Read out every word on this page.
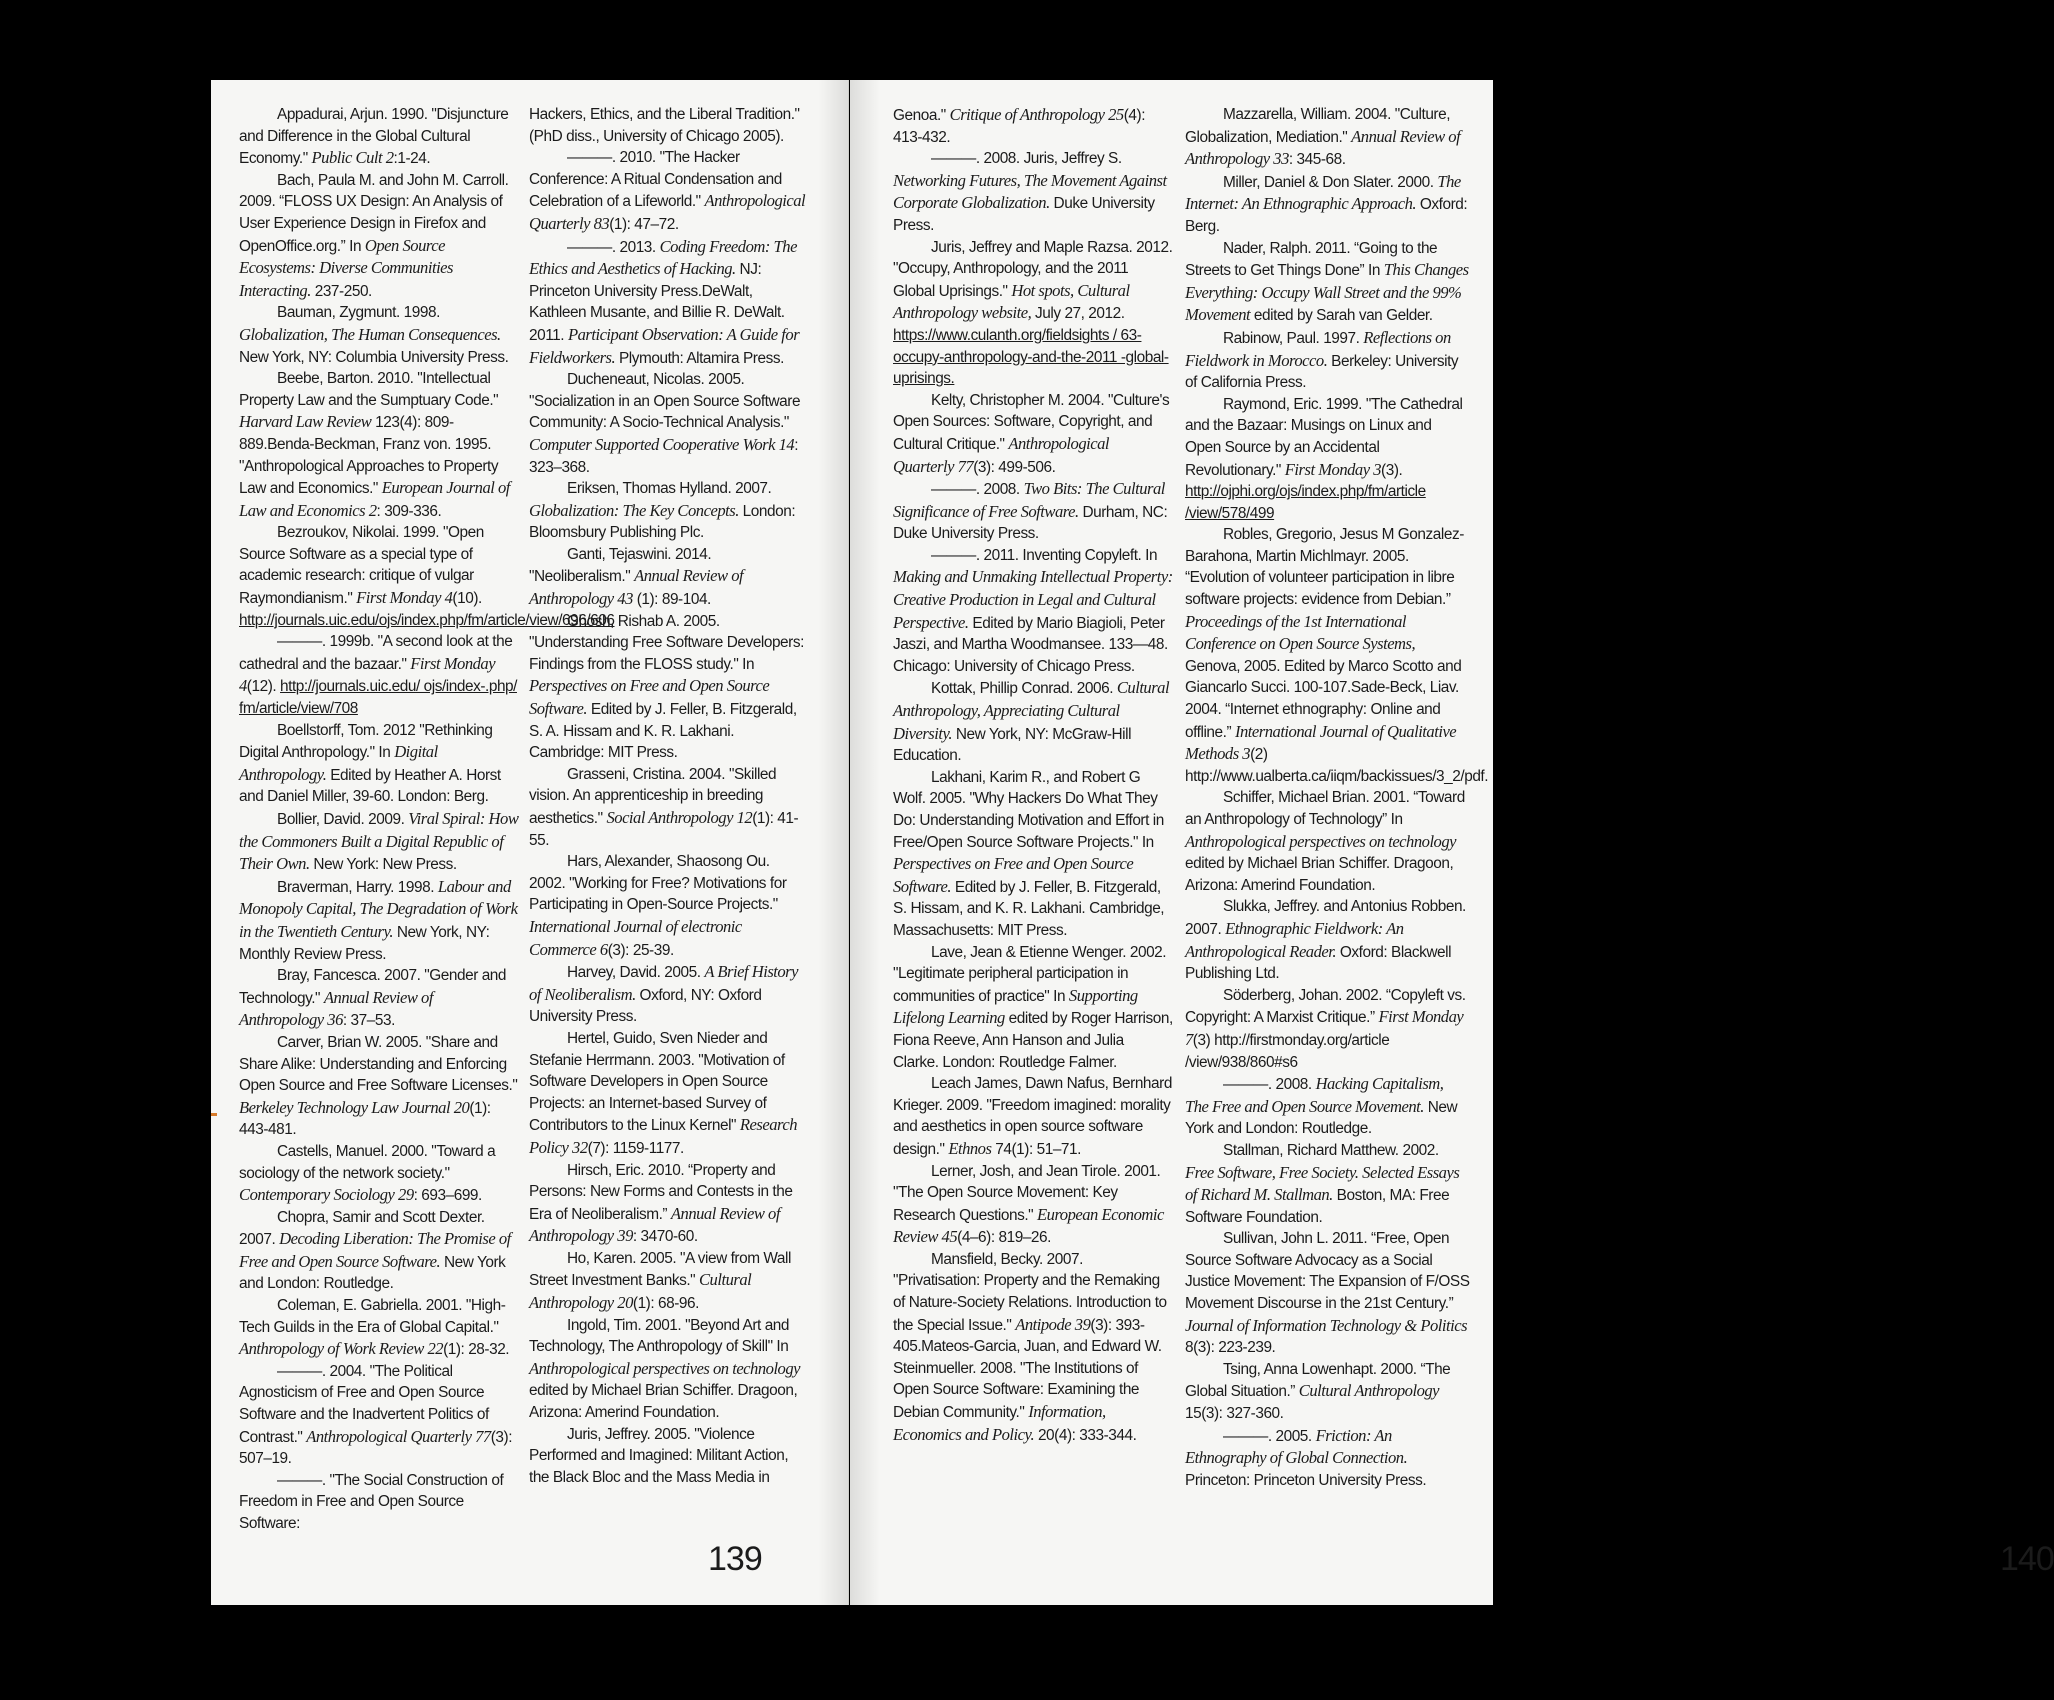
Appadurai, Arjun. 1990. "Disjuncture and Difference in the Global Cultural Economy." Public Cult 2:1-24.

Bach, Paula M. and John M. Carroll. 2009. “FLOSS UX Design: An Analysis of User Experience Design in Firefox and OpenOffice.org.” In Open Source Ecosystems: Diverse Communities Interacting. 237-250.

Bauman, Zygmunt. 1998. Globalization, The Human Consequences. New York, NY: Columbia University Press.

Beebe, Barton. 2010. "Intellectual Property Law and the Sumptuary Code." Harvard Law Review 123(4): 809-889.Benda-Beckman, Franz von. 1995. "Anthropological Approaches to Property Law and Economics." European Journal of Law and Economics 2: 309-336.

Bezroukov, Nikolai. 1999. "Open Source Software as a special type of academic research: critique of vulgar Raymondianism." First Monday 4(10). http://journals.uic.edu/ojs/index.php/fm/article/view/696/606

———. 1999b. "A second look at the cathedral and the bazaar." First Monday 4(12). http://journals.uic.edu/ ojs/index-.php/ fm/article/view/708

Boellstorff, Tom. 2012 "Rethinking Digital Anthropology." In Digital Anthropology. Edited by Heather A. Horst and Daniel Miller, 39-60. London: Berg.

Bollier, David. 2009. Viral Spiral: How the Commoners Built a Digital Republic of Their Own. New York: New Press.

Braverman, Harry. 1998. Labour and Monopoly Capital, The Degradation of Work in the Twentieth Century. New York, NY: Monthly Review Press.

Bray, Fancesca. 2007. "Gender and Technology." Annual Review of Anthropology 36: 37–53.

Carver, Brian W. 2005. "Share and Share Alike: Understanding and Enforcing Open Source and Free Software Licenses." Berkeley Technology Law Journal 20(1): 443-481.

Castells, Manuel. 2000. "Toward a sociology of the network society." Contemporary Sociology 29: 693–699.

Chopra, Samir and Scott Dexter. 2007. Decoding Liberation: The Promise of Free and Open Source Software. New York and London: Routledge.

Coleman, E. Gabriella. 2001. "High-Tech Guilds in the Era of Global Capital." Anthropology of Work Review 22(1): 28-32.

———. 2004. "The Political Agnosticism of Free and Open Source Software and the Inadvertent Politics of Contrast." Anthropological Quarterly 77(3): 507–19.

———. "The Social Construction of Freedom in Free and Open Source Software:

Hackers, Ethics, and the Liberal Tradition." (PhD diss., University of Chicago 2005).

———. 2010. "The Hacker Conference: A Ritual Condensation and Celebration of a Lifeworld." Anthropological Quarterly 83(1): 47–72.

———. 2013. Coding Freedom: The Ethics and Aesthetics of Hacking. NJ: Princeton University Press.DeWalt, Kathleen Musante, and Billie R. DeWalt. 2011. Participant Observation: A Guide for Fieldworkers. Plymouth: Altamira Press.

Ducheneaut, Nicolas. 2005. "Socialization in an Open Source Software Community: A Socio-Technical Analysis." Computer Supported Cooperative Work 14: 323–368.

Eriksen, Thomas Hylland. 2007. Globalization: The Key Concepts. London: Bloomsbury Publishing Plc.

Ganti, Tejaswini. 2014. "Neoliberalism." Annual Review of Anthropology 43 (1): 89-104.

Ghosh, Rishab A. 2005. "Understanding Free Software Developers: Findings from the FLOSS study." In Perspectives on Free and Open Source Software. Edited by J. Feller, B. Fitzgerald, S. A. Hissam and K. R. Lakhani. Cambridge: MIT Press.

Grasseni, Cristina. 2004. "Skilled vision. An apprenticeship in breeding aesthetics." Social Anthropology 12(1): 41-55.

Hars, Alexander, Shaosong Ou. 2002. "Working for Free? Motivations for Participating in Open-Source Projects." International Journal of electronic Commerce 6(3): 25-39.

Harvey, David. 2005. A Brief History of Neoliberalism. Oxford, NY: Oxford University Press.

Hertel, Guido, Sven Nieder and Stefanie Herrmann. 2003. "Motivation of Software Developers in Open Source Projects: an Internet-based Survey of Contributors to the Linux Kernel" Research Policy 32(7): 1159-1177.

Hirsch, Eric. 2010. “Property and Persons: New Forms and Contests in the Era of Neoliberalism.” Annual Review of Anthropology 39: 3470-60.

Ho, Karen. 2005. "A view from Wall Street Investment Banks." Cultural Anthropology 20(1): 68-96.

Ingold, Tim. 2001. "Beyond Art and Technology, The Anthropology of Skill" In Anthropological perspectives on technology edited by Michael Brian Schiffer. Dragoon, Arizona: Amerind Foundation.

Juris, Jeffrey. 2005. "Violence Performed and Imagined: Militant Action, the Black Bloc and the Mass Media in

139

Genoa." Critique of Anthropology 25(4): 413-432.

———. 2008. Juris, Jeffrey S. Networking Futures, The Movement Against Corporate Globalization. Duke University Press.

Juris, Jeffrey and Maple Razsa. 2012. "Occupy, Anthropology, and the 2011 Global Uprisings." Hot spots, Cultural Anthropology website, July 27, 2012. https://www.culanth.org/fieldsights / 63-occupy-anthropology-and-the-2011 -global-uprisings.

Kelty, Christopher M. 2004. "Culture's Open Sources: Software, Copyright, and Cultural Critique." Anthropological Quarterly 77(3): 499-506.

———. 2008. Two Bits: The Cultural Significance of Free Software. Durham, NC: Duke University Press.

———. 2011. Inventing Copyleft. In Making and Unmaking Intellectual Property: Creative Production in Legal and Cultural Perspective. Edited by Mario Biagioli, Peter Jaszi, and Martha Woodmansee. 133—48. Chicago: University of Chicago Press.

Kottak, Phillip Conrad. 2006. Cultural Anthropology, Appreciating Cultural Diversity. New York, NY: McGraw-Hill Education.

Lakhani, Karim R., and Robert G Wolf. 2005. "Why Hackers Do What They Do: Understanding Motivation and Effort in Free/Open Source Software Projects." In Perspectives on Free and Open Source Software. Edited by J. Feller, B. Fitzgerald, S. Hissam, and K. R. Lakhani. Cambridge, Massachusetts: MIT Press.

Lave, Jean & Etienne Wenger. 2002. "Legitimate peripheral participation in communities of practice" In Supporting Lifelong Learning edited by Roger Harrison, Fiona Reeve, Ann Hanson and Julia Clarke. London: Routledge Falmer.

Leach James, Dawn Nafus, Bernhard Krieger. 2009. "Freedom imagined: morality and aesthetics in open source software design." Ethnos 74(1): 51–71.

Lerner, Josh, and Jean Tirole. 2001. "The Open Source Movement: Key Research Questions." European Economic Review 45(4–6): 819–26.

Mansfield, Becky. 2007. "Privatisation: Property and the Remaking of Nature-Society Relations. Introduction to the Special Issue." Antipode 39(3): 393-405.Mateos-Garcia, Juan, and Edward W. Steinmueller. 2008. "The Institutions of Open Source Software: Examining the Debian Community." Information, Economics and Policy. 20(4): 333-344.

Mazzarella, William. 2004. "Culture, Globalization, Mediation." Annual Review of Anthropology 33: 345-68.

Miller, Daniel & Don Slater. 2000. The Internet: An Ethnographic Approach. Oxford: Berg.

Nader, Ralph. 2011. “Going to the Streets to Get Things Done” In This Changes Everything: Occupy Wall Street and the 99% Movement edited by Sarah van Gelder.

Rabinow, Paul. 1997. Reflections on Fieldwork in Morocco. Berkeley: University of California Press.

Raymond, Eric. 1999. "The Cathedral and the Bazaar: Musings on Linux and Open Source by an Accidental Revolutionary." First Monday 3(3). http://ojphi.org/ojs/index.php/fm/article /view/578/499

Robles, Gregorio, Jesus M Gonzalez-Barahona, Martin Michlmayr. 2005. “Evolution of volunteer participation in libre software projects: evidence from Debian.” Proceedings of the 1st International Conference on Open Source Systems, Genova, 2005. Edited by Marco Scotto and Giancarlo Succi. 100-107.Sade-Beck, Liav. 2004. “Internet ethnography: Online and offline.” International Journal of Qualitative Methods 3(2) http://www.ualberta.ca/iiqm/backissues/3_2/pdf.

Schiffer, Michael Brian. 2001. “Toward an Anthropology of Technology” In Anthropological perspectives on technology edited by Michael Brian Schiffer. Dragoon, Arizona: Amerind Foundation.

Slukka, Jeffrey. and Antonius Robben. 2007. Ethnographic Fieldwork: An Anthropological Reader. Oxford: Blackwell Publishing Ltd.

Söderberg, Johan. 2002. “Copyleft vs. Copyright: A Marxist Critique.” First Monday 7(3) http://firstmonday.org/article /view/938/860#s6

———. 2008. Hacking Capitalism, The Free and Open Source Movement. New York and London: Routledge.

Stallman, Richard Matthew. 2002. Free Software, Free Society. Selected Essays of Richard M. Stallman. Boston, MA: Free Software Foundation.

Sullivan, John L. 2011. “Free, Open Source Software Advocacy as a Social Justice Movement: The Expansion of F/OSS Movement Discourse in the 21st Century.” Journal of Information Technology & Politics 8(3): 223-239.

Tsing, Anna Lowenhapt. 2000. “The Global Situation.” Cultural Anthropology 15(3): 327-360.

———. 2005. Friction: An Ethnography of Global Connection. Princeton: Princeton University Press.

140
